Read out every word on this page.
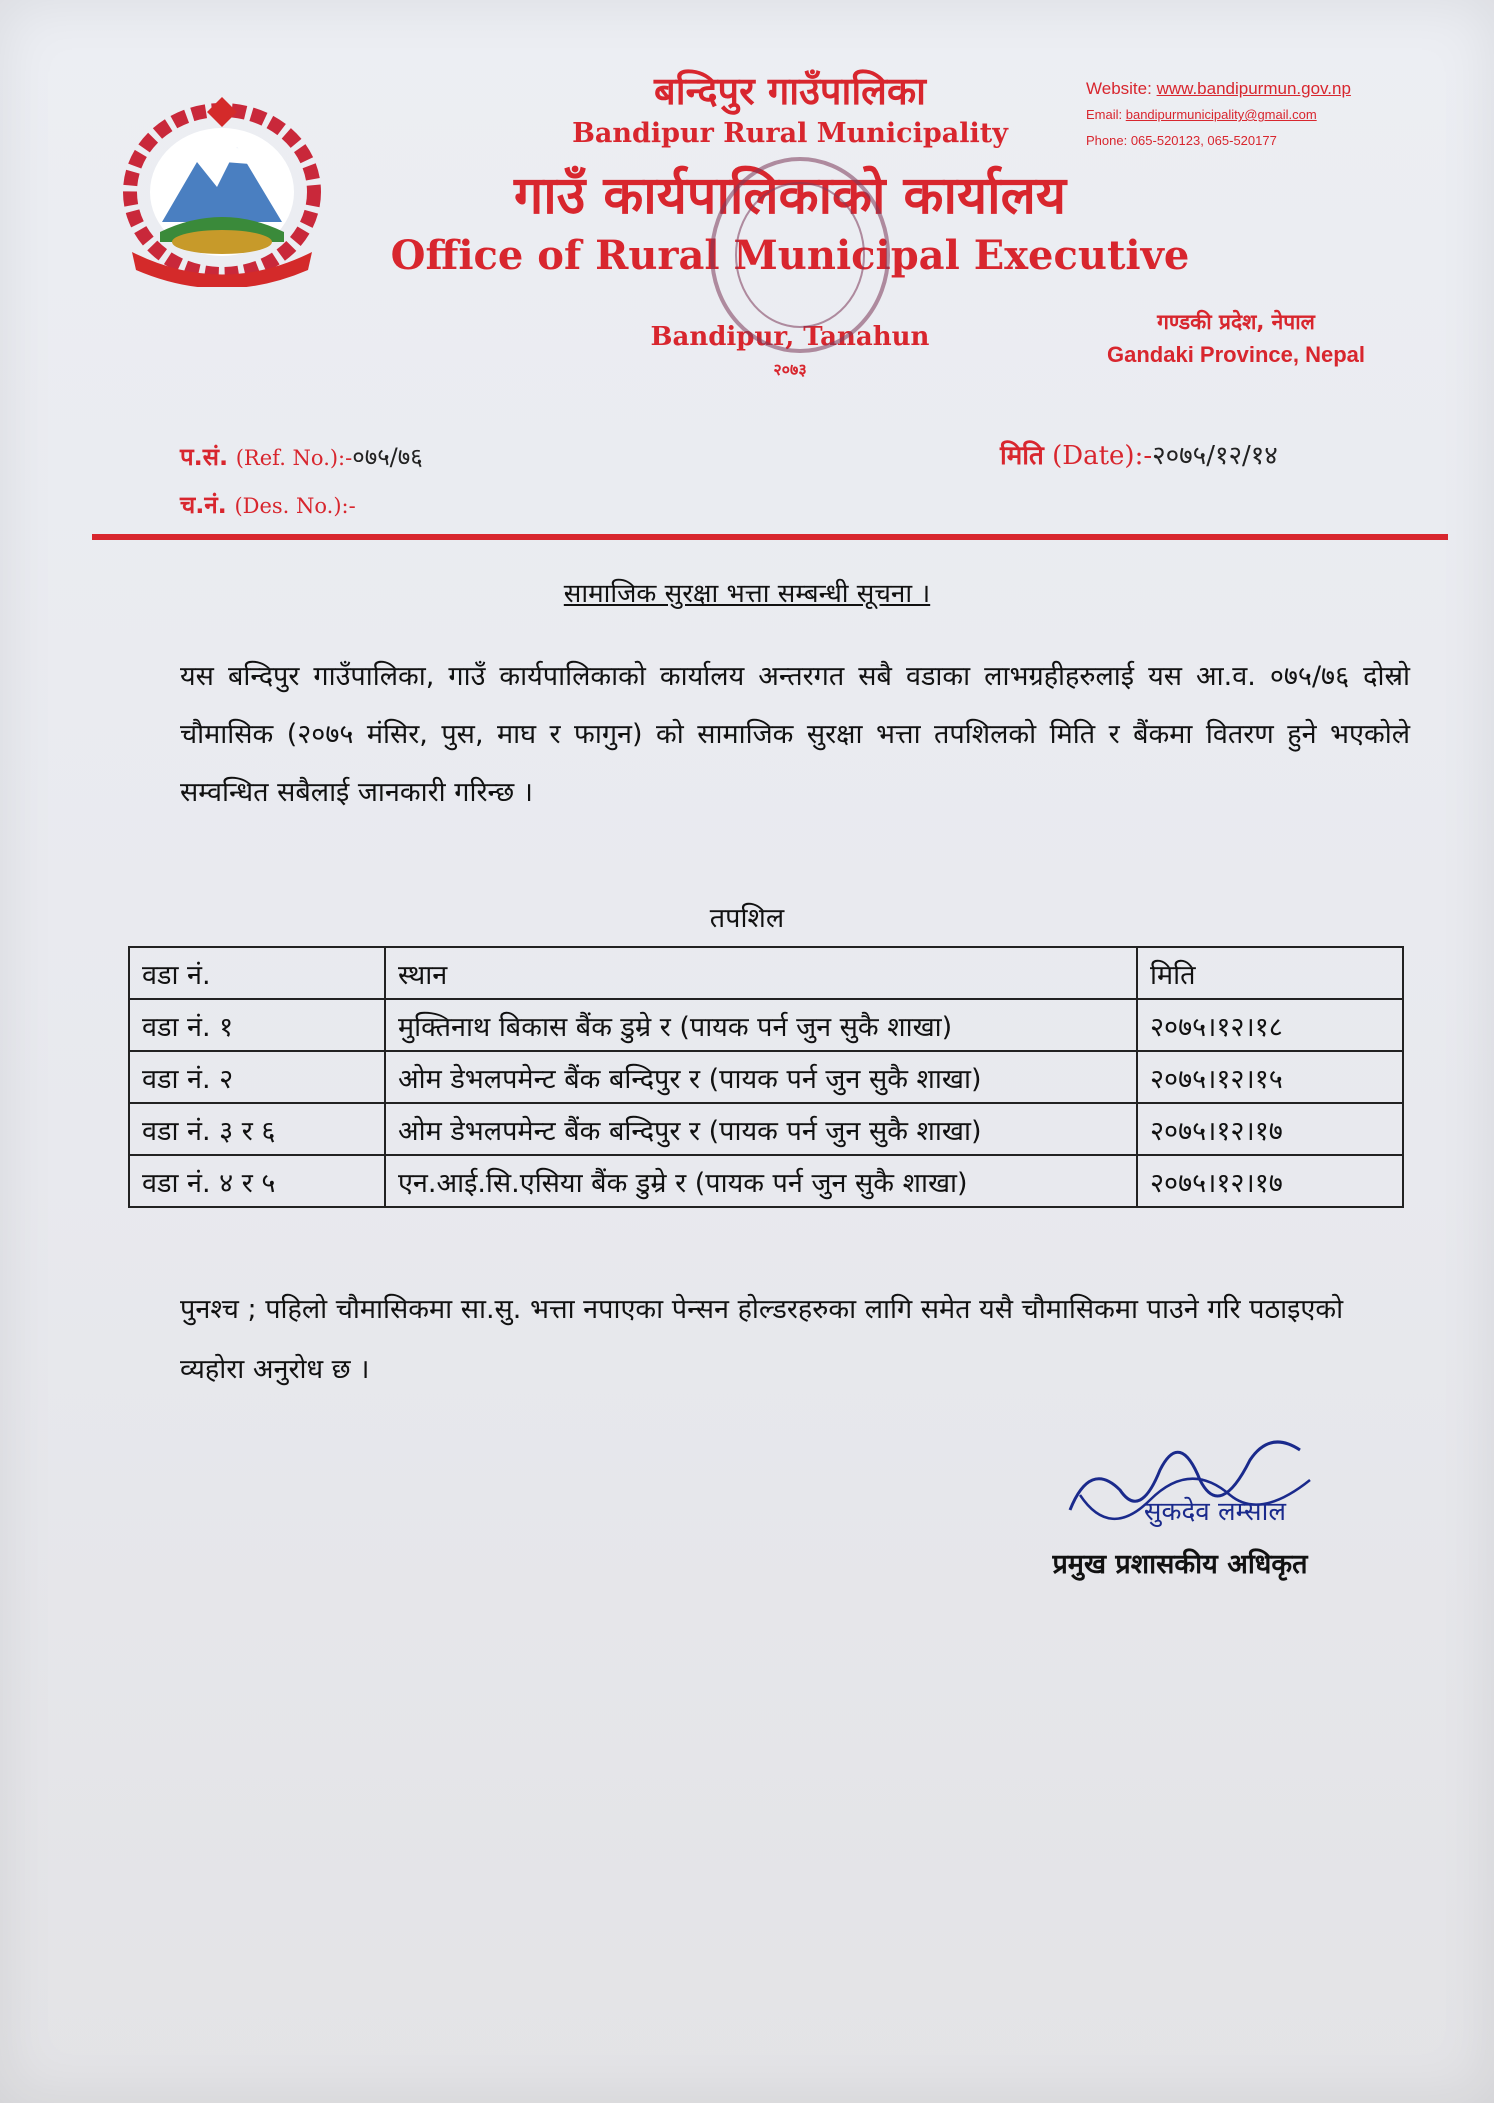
बन्दिपुर गाउँपालिका
Bandipur Rural Municipality
गाउँ कार्यपालिकाको कार्यालय
Office of Rural Municipal Executive
Bandipur, Tanahun
२०७३
Website: www.bandipurmun.gov.np
Email: bandipurmunicipality@gmail.com
Phone: 065-520123, 065-520177
गण्डकी प्रदेश, नेपाल
Gandaki Province, Nepal
प.सं. (Ref. No.):-०७५/७६
च.नं. (Des. No.):-
मिति (Date):-२०७५/१२/१४
सामाजिक सुरक्षा भत्ता सम्बन्धी सूचना ।
यस बन्दिपुर गाउँपालिका, गाउँ कार्यपालिकाको कार्यालय अन्तरगत सबै वडाका लाभग्रहीहरुलाई यस आ.व. ०७५/७६ दोस्रो चौमासिक (२०७५ मंसिर, पुस, माघ र फागुन) को सामाजिक सुरक्षा भत्ता तपशिलको मिति र बैंकमा वितरण हुने भएकोले सम्वन्धित सबैलाई जानकारी गरिन्छ ।
तपशिल
वडा नं.	स्थान	मिति
वडा नं. १	मुक्तिनाथ बिकास बैंक डुम्रे र (पायक पर्न जुन सुकै शाखा)	२०७५।१२।१८
वडा नं. २	ओम डेभलपमेन्ट बैंक बन्दिपुर र (पायक पर्न जुन सुकै शाखा)	२०७५।१२।१५
वडा नं. ३ र ६	ओम डेभलपमेन्ट बैंक बन्दिपुर र (पायक पर्न जुन सुकै शाखा)	२०७५।१२।१७
वडा नं. ४ र ५	एन.आई.सि.एसिया बैंक डुम्रे र (पायक पर्न जुन सुकै शाखा)	२०७५।१२।१७
पुनश्च ; पहिलो चौमासिकमा सा.सु. भत्ता नपाएका पेन्सन होल्डरहरुका लागि समेत यसै चौमासिकमा पाउने गरि पठाइएको व्यहोरा अनुरोध छ ।
सुकदेव लम्साल
प्रमुख प्रशासकीय अधिकृत
